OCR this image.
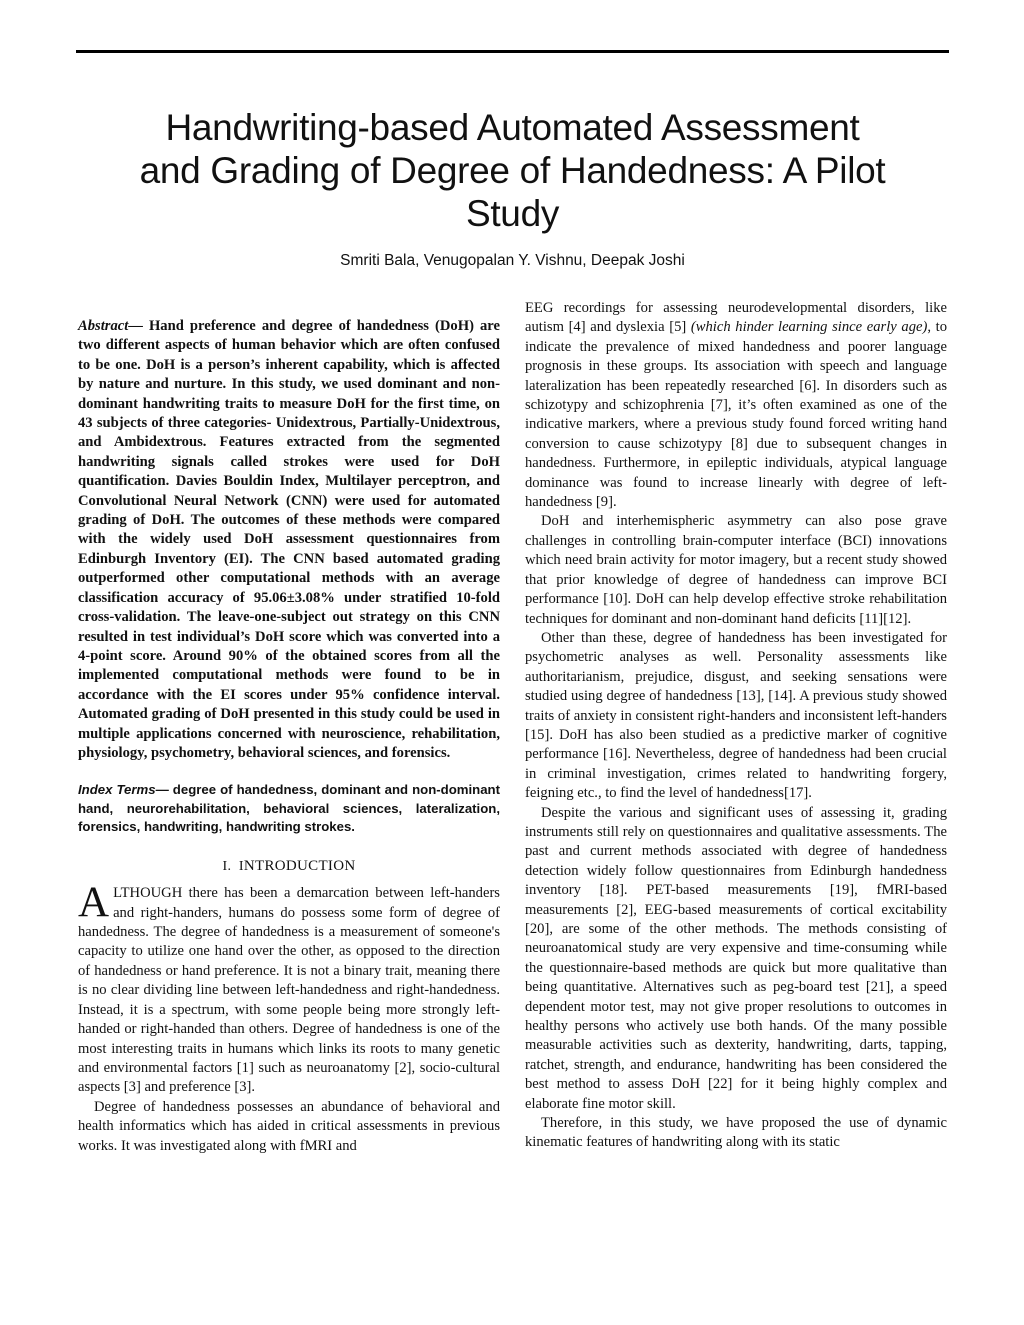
Handwriting-based Automated Assessment
and Grading of Degree of Handedness: A Pilot
Study
Smriti Bala, Venugopalan Y. Vishnu, Deepak Joshi

Abstract— Hand preference and degree of handedness (DoH) are two different aspects of human behavior which are often confused to be one. DoH is a person’s inherent capability, which is affected by nature and nurture. In this study, we used dominant and non-dominant handwriting traits to measure DoH for the first time, on 43 subjects of three categories- Unidextrous, Partially-Unidextrous, and Ambidextrous. Features extracted from the segmented handwriting signals called strokes were used for DoH quantification. Davies Bouldin Index, Multilayer perceptron, and Convolutional Neural Network (CNN) were used for automated grading of DoH. The outcomes of these methods were compared with the widely used DoH assessment questionnaires from Edinburgh Inventory (EI). The CNN based automated grading outperformed other computational methods with an average classification accuracy of 95.06±3.08% under stratified 10-fold cross-validation. The leave-one-subject out strategy on this CNN resulted in test individual’s DoH score which was converted into a 4-point score. Around 90% of the obtained scores from all the implemented computational methods were found to be in accordance with the EI scores under 95% confidence interval. Automated grading of DoH presented in this study could be used in multiple applications concerned with neuroscience, rehabilitation, physiology, psychometry, behavioral sciences, and forensics.

Index Terms— degree of handedness, dominant and non-dominant hand, neurorehabilitation, behavioral sciences, lateralization, forensics, handwriting, handwriting strokes.

I. INTRODUCTION

ALTHOUGH there has been a demarcation between left-handers and right-handers, humans do possess some form of degree of handedness. The degree of handedness is a measurement of someone's capacity to utilize one hand over the other, as opposed to the direction of handedness or hand preference. It is not a binary trait, meaning there is no clear dividing line between left-handedness and right-handedness. Instead, it is a spectrum, with some people being more strongly left-handed or right-handed than others. Degree of handedness is one of the most interesting traits in humans which links its roots to many genetic and environmental factors [1] such as neuroanatomy [2], socio-cultural aspects [3] and preference [3].

Degree of handedness possesses an abundance of behavioral and health informatics which has aided in critical assessments in previous works. It was investigated along with fMRI and

EEG recordings for assessing neurodevelopmental disorders, like autism [4] and dyslexia [5] (which hinder learning since early age), to indicate the prevalence of mixed handedness and poorer language prognosis in these groups. Its association with speech and language lateralization has been repeatedly researched [6]. In disorders such as schizotypy and schizophrenia [7], it’s often examined as one of the indicative markers, where a previous study found forced writing hand conversion to cause schizotypy [8] due to subsequent changes in handedness. Furthermore, in epileptic individuals, atypical language dominance was found to increase linearly with degree of left-handedness [9].

DoH and interhemispheric asymmetry can also pose grave challenges in controlling brain-computer interface (BCI) innovations which need brain activity for motor imagery, but a recent study showed that prior knowledge of degree of handedness can improve BCI performance [10]. DoH can help develop effective stroke rehabilitation techniques for dominant and non-dominant hand deficits [11][12].

Other than these, degree of handedness has been investigated for psychometric analyses as well. Personality assessments like authoritarianism, prejudice, disgust, and seeking sensations were studied using degree of handedness [13], [14]. A previous study showed traits of anxiety in consistent right-handers and inconsistent left-handers [15]. DoH has also been studied as a predictive marker of cognitive performance [16]. Nevertheless, degree of handedness had been crucial in criminal investigation, crimes related to handwriting forgery, feigning etc., to find the level of handedness[17].

Despite the various and significant uses of assessing it, grading instruments still rely on questionnaires and qualitative assessments. The past and current methods associated with degree of handedness detection widely follow questionnaires from Edinburgh handedness inventory [18]. PET-based measurements [19], fMRI-based measurements [2], EEG-based measurements of cortical excitability [20], are some of the other methods. The methods consisting of neuroanatomical study are very expensive and time-consuming while the questionnaire-based methods are quick but more qualitative than being quantitative. Alternatives such as peg-board test [21], a speed dependent motor test, may not give proper resolutions to outcomes in healthy persons who actively use both hands. Of the many possible measurable activities such as dexterity, handwriting, darts, tapping, ratchet, strength, and endurance, handwriting has been considered the best method to assess DoH [22] for it being highly complex and elaborate fine motor skill.

Therefore, in this study, we have proposed the use of dynamic kinematic features of handwriting along with its static
